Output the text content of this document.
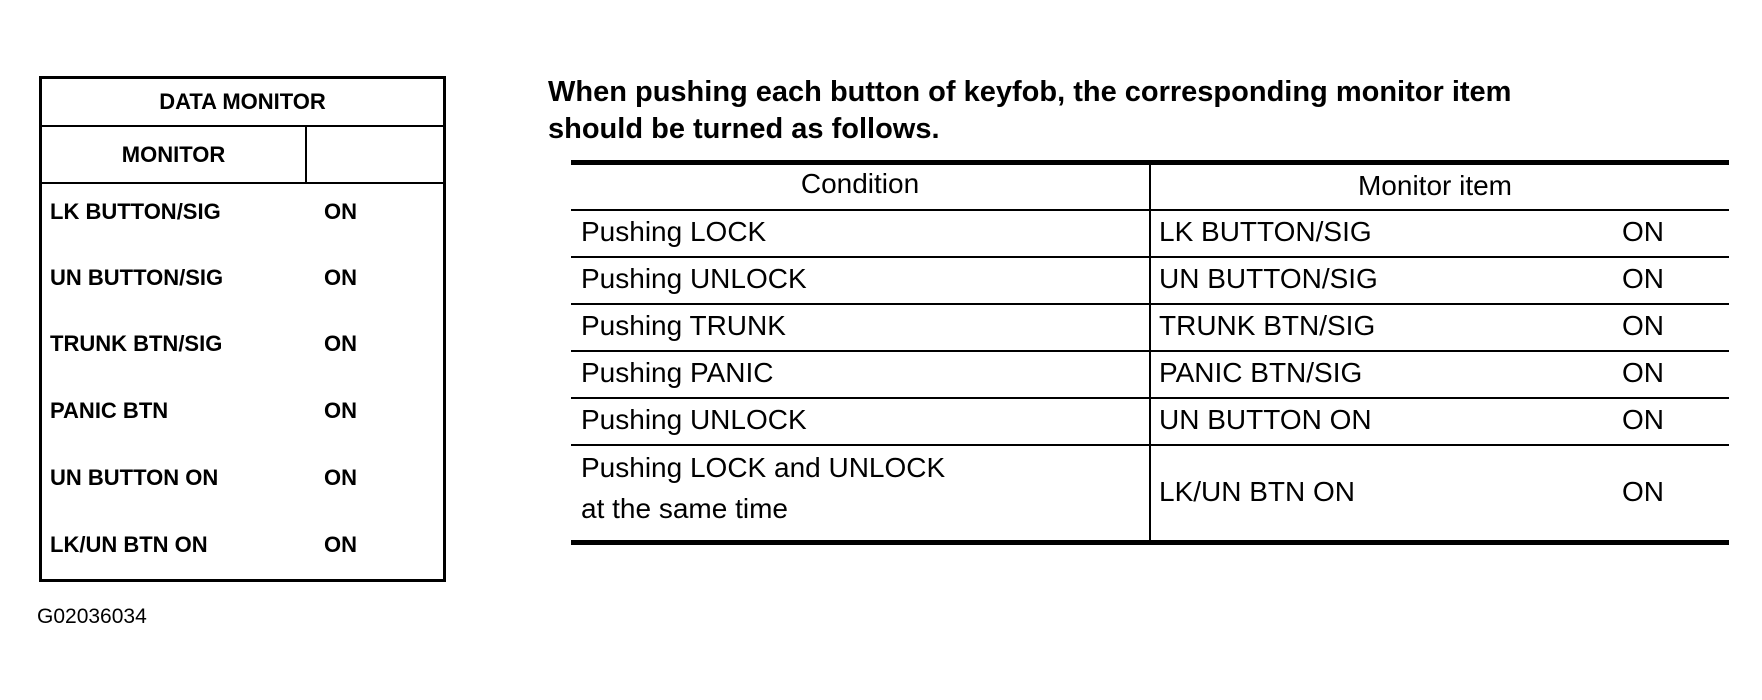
DATA MONITOR
MONITOR
LK BUTTON/SIG	ON
UN BUTTON/SIG	ON
TRUNK BTN/SIG	ON
PANIC BTN	ON
UN BUTTON ON	ON
LK/UN BTN ON	ON
G02036034
When pushing each button of keyfob, the corresponding monitor item
should be turned as follows.
Condition	Monitor item
Pushing LOCK	LK BUTTON/SIG	ON
Pushing UNLOCK	UN BUTTON/SIG	ON
Pushing TRUNK	TRUNK BTN/SIG	ON
Pushing PANIC	PANIC BTN/SIG	ON
Pushing UNLOCK	UN BUTTON ON	ON
Pushing LOCK and UNLOCK
at the same time
LK/UN BTN ON	ON
